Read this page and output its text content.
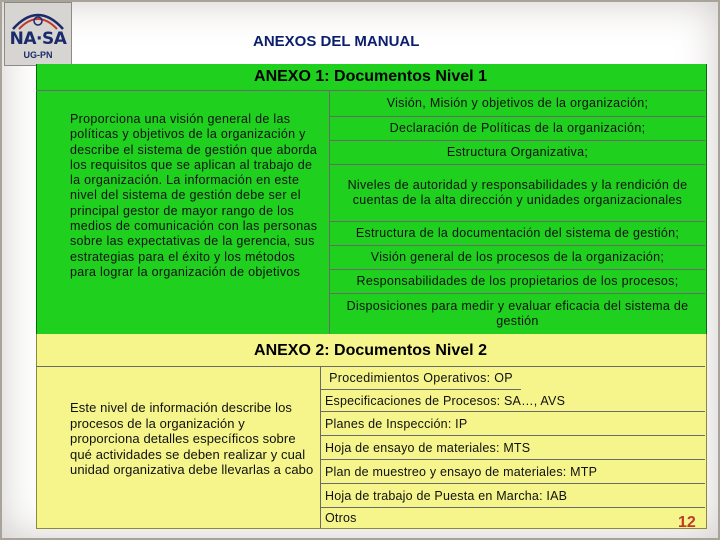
NA·SA
UG-PN
ANEXOS DEL MANUAL
ANEXO 1: Documentos Nivel 1
Proporciona una visión general de las políticas y objetivos de la organización y describe el sistema de gestión que aborda los requisitos que se aplican al trabajo de la organización. La información en este nivel del sistema de gestión debe ser el principal gestor de mayor rango de los medios de comunicación con las personas sobre las expectativas de la gerencia, sus estrategias para el éxito y los métodos para lograr la organización de objetivos
Visión, Misión y objetivos de la organización;
Declaración de Políticas de la organización;
Estructura Organizativa;
Niveles de autoridad y responsabilidades y la rendición de cuentas de la alta dirección y unidades organizacionales
Estructura de la documentación del sistema de gestión;
Visión general de los procesos de la organización;
Responsabilidades de los propietarios de los procesos;
Disposiciones para medir y evaluar eficacia del sistema de gestión
ANEXO 2: Documentos Nivel 2
Este nivel de información describe los procesos de la organización y proporciona detalles específicos sobre qué actividades se deben realizar y cual unidad organizativa debe llevarlas a cabo
Procedimientos Operativos: OP
Especificaciones de Procesos: SA…, AVS
Planes de Inspección: IP
Hoja de ensayo de materiales: MTS
Plan de muestreo y ensayo de materiales: MTP
Hoja de trabajo de Puesta en Marcha: IAB
Otros	12
